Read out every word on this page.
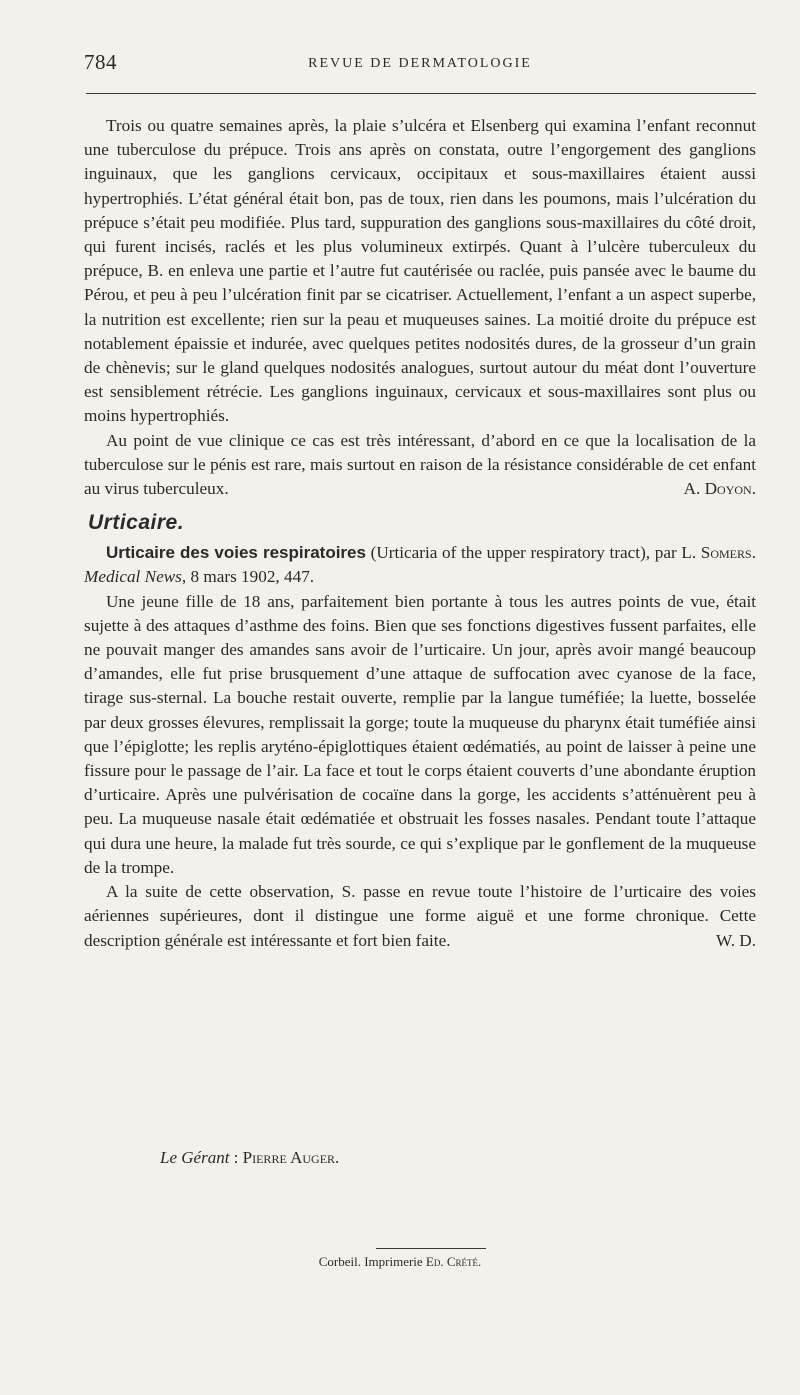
784	REVUE DE DERMATOLOGIE

Trois ou quatre semaines après, la plaie s’ulcéra et Elsenberg qui examina l’enfant reconnut une tuberculose du prépuce. Trois ans après on constata, outre l’engorgement des ganglions inguinaux, que les ganglions cervicaux, occipitaux et sous-maxillaires étaient aussi hypertrophiés. L’état général était bon, pas de toux, rien dans les poumons, mais l’ulcération du prépuce s’était peu modifiée. Plus tard, suppuration des ganglions sous-maxillaires du côté droit, qui furent incisés, raclés et les plus volumineux extirpés. Quant à l’ulcère tuberculeux du prépuce, B. en enleva une partie et l’autre fut cautérisée ou raclée, puis pansée avec le baume du Pérou, et peu à peu l’ulcération finit par se cicatriser. Actuellement, l’enfant a un aspect superbe, la nutrition est excellente; rien sur la peau et muqueuses saines. La moitié droite du prépuce est notablement épaissie et indurée, avec quelques petites nodosités dures, de la grosseur d’un grain de chènevis; sur le gland quelques nodosités analogues, surtout autour du méat dont l’ouverture est sensiblement rétrécie. Les ganglions inguinaux, cervicaux et sous-maxillaires sont plus ou moins hypertrophiés.

Au point de vue clinique ce cas est très intéressant, d’abord en ce que la localisation de la tuberculose sur le pénis est rare, mais surtout en raison de la résistance considérable de cet enfant au virus tuberculeux.	A. Doyon.

Urticaire.

Urticaire des voies respiratoires (Urticaria of the upper respiratory tract), par L. Somers. Medical News, 8 mars 1902, 447.

Une jeune fille de 18 ans, parfaitement bien portante à tous les autres points de vue, était sujette à des attaques d’asthme des foins. Bien que ses fonctions digestives fussent parfaites, elle ne pouvait manger des amandes sans avoir de l’urticaire. Un jour, après avoir mangé beaucoup d’amandes, elle fut prise brusquement d’une attaque de suffocation avec cyanose de la face, tirage sus-sternal. La bouche restait ouverte, remplie par la langue tuméfiée; la luette, bosselée par deux grosses élevures, remplissait la gorge; toute la muqueuse du pharynx était tuméfiée ainsi que l’épiglotte; les replis aryténo-épiglottiques étaient œdématiés, au point de laisser à peine une fissure pour le passage de l’air. La face et tout le corps étaient couverts d’une abondante éruption d’urticaire. Après une pulvérisation de cocaïne dans la gorge, les accidents s’atténuèrent peu à peu. La muqueuse nasale était œdématiée et obstruait les fosses nasales. Pendant toute l’attaque qui dura une heure, la malade fut très sourde, ce qui s’explique par le gonflement de la muqueuse de la trompe.

A la suite de cette observation, S. passe en revue toute l’histoire de l’urticaire des voies aériennes supérieures, dont il distingue une forme aiguë et une forme chronique. Cette description générale est intéressante et fort bien faite.	W. D.

Le Gérant : Pierre Auger.
Corbeil. Imprimerie Ed. Crété.
